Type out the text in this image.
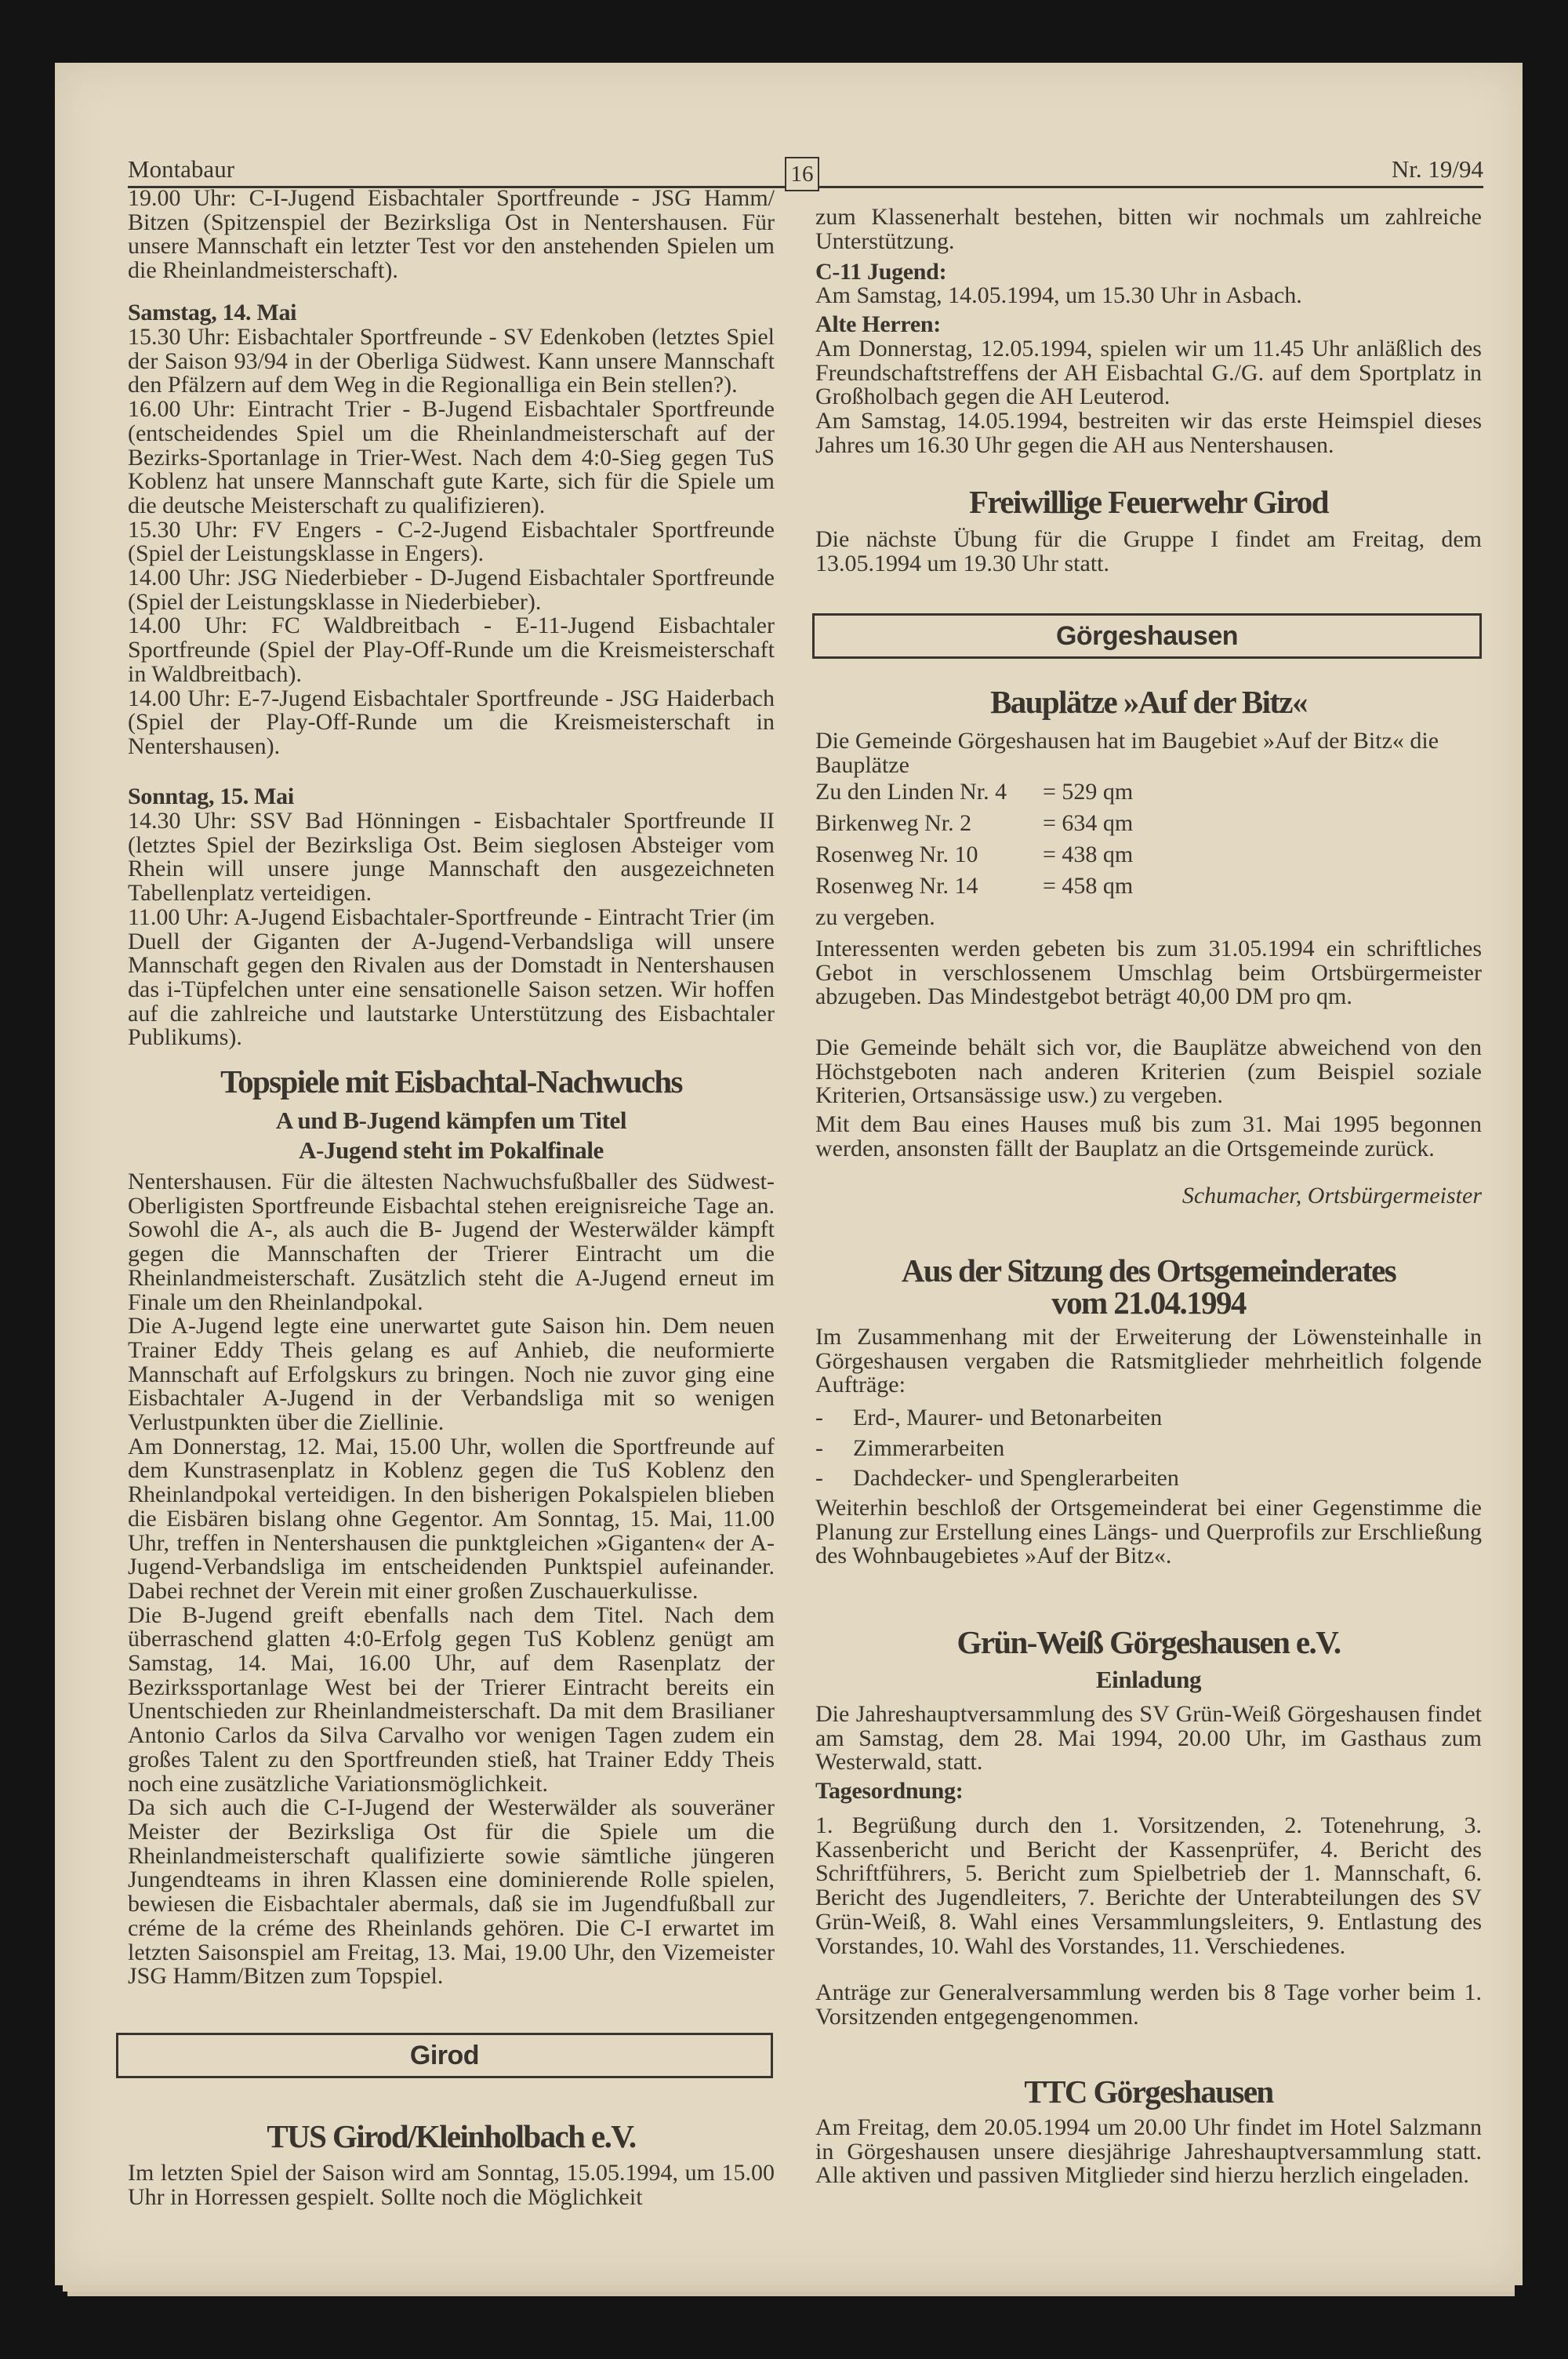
Montabaur	16	Nr. 19/94

19.00 Uhr: C-I-Jugend Eisbachtaler Sportfreunde - JSG Hamm/ Bitzen (Spitzenspiel der Bezirksliga Ost in Nentershausen. Für unsere Mannschaft ein letzter Test vor den anstehenden Spielen um die Rheinlandmeisterschaft).

Samstag, 14. Mai

15.30 Uhr: Eisbachtaler Sportfreunde - SV Edenkoben (letztes Spiel der Saison 93/94 in der Oberliga Südwest. Kann unsere Mannschaft den Pfälzern auf dem Weg in die Regionalliga ein Bein stellen?).

16.00 Uhr: Eintracht Trier - B-Jugend Eisbachtaler Sportfreunde (entscheidendes Spiel um die Rheinlandmeisterschaft auf der Bezirks-Sportanlage in Trier-West. Nach dem 4:0-Sieg gegen TuS Koblenz hat unsere Mannschaft gute Karte, sich für die Spiele um die deutsche Meisterschaft zu qualifizieren).

15.30 Uhr: FV Engers - C-2-Jugend Eisbachtaler Sportfreunde (Spiel der Leistungsklasse in Engers).

14.00 Uhr: JSG Niederbieber - D-Jugend Eisbachtaler Sportfreunde (Spiel der Leistungsklasse in Niederbieber).

14.00 Uhr: FC Waldbreitbach - E-11-Jugend Eisbachtaler Sportfreunde (Spiel der Play-Off-Runde um die Kreismeisterschaft in Waldbreitbach).

14.00 Uhr: E-7-Jugend Eisbachtaler Sportfreunde - JSG Haiderbach (Spiel der Play-Off-Runde um die Kreismeisterschaft in Nentershausen).

Sonntag, 15. Mai

14.30 Uhr: SSV Bad Hönningen - Eisbachtaler Sportfreunde II (letztes Spiel der Bezirksliga Ost. Beim sieglosen Absteiger vom Rhein will unsere junge Mannschaft den ausgezeichneten Tabellenplatz verteidigen.

11.00 Uhr: A-Jugend Eisbachtaler-Sportfreunde - Eintracht Trier (im Duell der Giganten der A-Jugend-Verbandsliga will unsere Mannschaft gegen den Rivalen aus der Domstadt in Nentershausen das i-Tüpfelchen unter eine sensationelle Saison setzen. Wir hoffen auf die zahlreiche und lautstarke Unterstützung des Eisbachtaler Publikums).

Topspiele mit Eisbachtal-Nachwuchs
A und B-Jugend kämpfen um Titel
A-Jugend steht im Pokalfinale

Nentershausen. Für die ältesten Nachwuchsfußballer des Südwest-Oberligisten Sportfreunde Eisbachtal stehen ereignisreiche Tage an. Sowohl die A-, als auch die B- Jugend der Westerwälder kämpft gegen die Mannschaften der Trierer Eintracht um die Rheinlandmeisterschaft. Zusätzlich steht die A-Jugend erneut im Finale um den Rheinlandpokal.

Die A-Jugend legte eine unerwartet gute Saison hin. Dem neuen Trainer Eddy Theis gelang es auf Anhieb, die neuformierte Mannschaft auf Erfolgskurs zu bringen. Noch nie zuvor ging eine Eisbachtaler A-Jugend in der Verbandsliga mit so wenigen Verlustpunkten über die Ziellinie.

Am Donnerstag, 12. Mai, 15.00 Uhr, wollen die Sportfreunde auf dem Kunstrasenplatz in Koblenz gegen die TuS Koblenz den Rheinlandpokal verteidigen. In den bisherigen Pokalspielen blieben die Eisbären bislang ohne Gegentor. Am Sonntag, 15. Mai, 11.00 Uhr, treffen in Nentershausen die punktgleichen »Giganten« der A-Jugend-Verbandsliga im entscheidenden Punktspiel aufeinander. Dabei rechnet der Verein mit einer großen Zuschauerkulisse.

Die B-Jugend greift ebenfalls nach dem Titel. Nach dem überraschend glatten 4:0-Erfolg gegen TuS Koblenz genügt am Samstag, 14. Mai, 16.00 Uhr, auf dem Rasenplatz der Bezirkssportanlage West bei der Trierer Eintracht bereits ein Unentschieden zur Rheinlandmeisterschaft. Da mit dem Brasilianer Antonio Carlos da Silva Carvalho vor wenigen Tagen zudem ein großes Talent zu den Sportfreunden stieß, hat Trainer Eddy Theis noch eine zusätzliche Variationsmöglichkeit.

Da sich auch die C-I-Jugend der Westerwälder als souveräner Meister der Bezirksliga Ost für die Spiele um die Rheinlandmeisterschaft qualifizierte sowie sämtliche jüngeren Jungendteams in ihren Klassen eine dominierende Rolle spielen, bewiesen die Eisbachtaler abermals, daß sie im Jugendfußball zur créme de la créme des Rheinlands gehören. Die C-I erwartet im letzten Saisonspiel am Freitag, 13. Mai, 19.00 Uhr, den Vizemeister JSG Hamm/Bitzen zum Topspiel.

Girod
TUS Girod/Kleinholbach e.V.

Im letzten Spiel der Saison wird am Sonntag, 15.05.1994, um 15.00 Uhr in Horressen gespielt. Sollte noch die Möglichkeit

zum Klassenerhalt bestehen, bitten wir nochmals um zahlreiche Unterstützung.

C-11 Jugend:

Am Samstag, 14.05.1994, um 15.30 Uhr in Asbach.

Alte Herren:

Am Donnerstag, 12.05.1994, spielen wir um 11.45 Uhr anläßlich des Freundschaftstreffens der AH Eisbachtal G./G. auf dem Sportplatz in Großholbach gegen die AH Leuterod.

Am Samstag, 14.05.1994, bestreiten wir das erste Heimspiel dieses Jahres um 16.30 Uhr gegen die AH aus Nentershausen.

Freiwillige Feuerwehr Girod

Die nächste Übung für die Gruppe I findet am Freitag, dem 13.05.1994 um 19.30 Uhr statt.

Görgeshausen
Bauplätze »Auf der Bitz«

Die Gemeinde Görgeshausen hat im Baugebiet »Auf der Bitz« die Bauplätze

Zu den Linden Nr. 4	= 529 qm
Birkenweg Nr. 2	= 634 qm
Rosenweg Nr. 10	= 438 qm
Rosenweg Nr. 14	= 458 qm
zu vergeben.

Interessenten werden gebeten bis zum 31.05.1994 ein schriftliches Gebot in verschlossenem Umschlag beim Ortsbürgermeister abzugeben. Das Mindestgebot beträgt 40,00 DM pro qm.

Die Gemeinde behält sich vor, die Bauplätze abweichend von den Höchstgeboten nach anderen Kriterien (zum Beispiel soziale Kriterien, Ortsansässige usw.) zu vergeben.

Mit dem Bau eines Hauses muß bis zum 31. Mai 1995 begonnen werden, ansonsten fällt der Bauplatz an die Ortsgemeinde zurück.

Schumacher, Ortsbürgermeister
Aus der Sitzung des Ortsgemeinderates
vom 21.04.1994

Im Zusammenhang mit der Erweiterung der Löwensteinhalle in Görgeshausen vergaben die Ratsmitglieder mehrheitlich folgende Aufträge:

-	Erd-, Maurer- und Betonarbeiten
-	Zimmerarbeiten
-	Dachdecker- und Spenglerarbeiten

Weiterhin beschloß der Ortsgemeinderat bei einer Gegenstimme die Planung zur Erstellung eines Längs- und Querprofils zur Erschließung des Wohnbaugebietes »Auf der Bitz«.

Grün-Weiß Görgeshausen e.V.
Einladung

Die Jahreshauptversammlung des SV Grün-Weiß Görgeshausen findet am Samstag, dem 28. Mai 1994, 20.00 Uhr, im Gasthaus zum Westerwald, statt.

Tagesordnung:

1. Begrüßung durch den 1. Vorsitzenden, 2. Totenehrung, 3. Kassenbericht und Bericht der Kassenprüfer, 4. Bericht des Schriftführers, 5. Bericht zum Spielbetrieb der 1. Mannschaft, 6. Bericht des Jugendleiters, 7. Berichte der Unterabteilungen des SV Grün-Weiß, 8. Wahl eines Versammlungsleiters, 9. Entlastung des Vorstandes, 10. Wahl des Vorstandes, 11. Verschiedenes.

Anträge zur Generalversammlung werden bis 8 Tage vorher beim 1. Vorsitzenden entgegengenommen.

TTC Görgeshausen

Am Freitag, dem 20.05.1994 um 20.00 Uhr findet im Hotel Salzmann in Görgeshausen unsere diesjährige Jahreshauptversammlung statt. Alle aktiven und passiven Mitglieder sind hierzu herzlich eingeladen.
